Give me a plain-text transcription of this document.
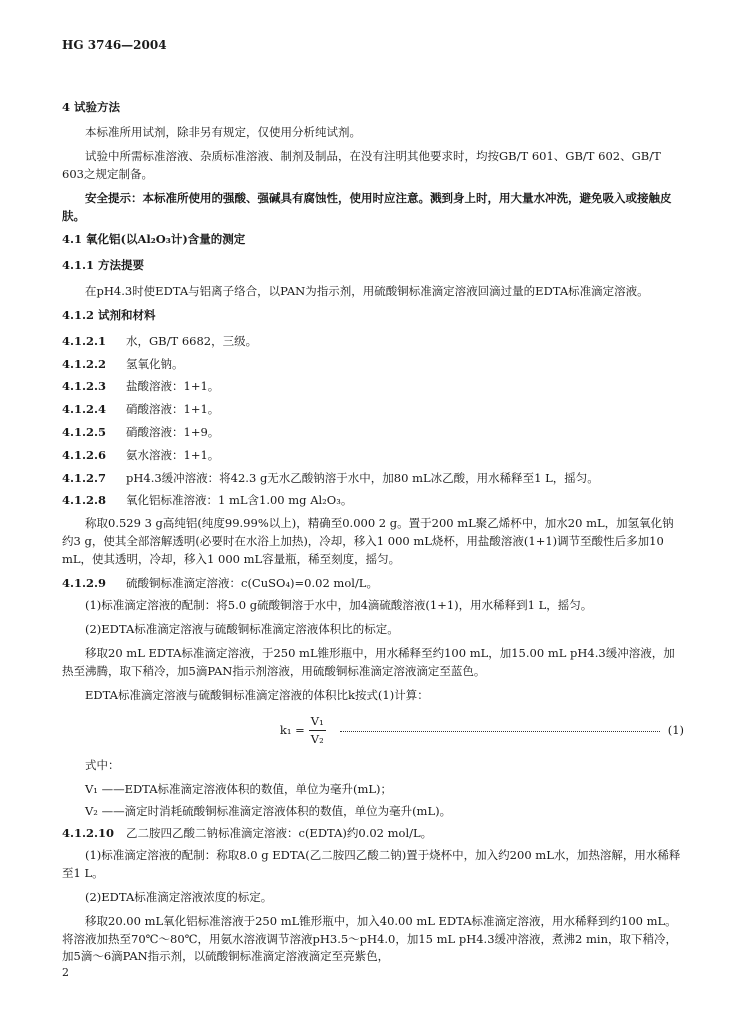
HG 3746—2004
4 试验方法

本标准所用试剂，除非另有规定，仅使用分析纯试剂。

试验中所需标准溶液、杂质标准溶液、制剂及制品，在没有注明其他要求时，均按GB/T 601、GB/T 602、GB/T 603之规定制备。

安全提示：本标准所使用的强酸、强碱具有腐蚀性，使用时应注意。溅到身上时，用大量水冲洗，避免吸入或接触皮肤。

4.1 氧化铝(以Al₂O₃计)含量的测定
4.1.1 方法提要

在pH4.3时使EDTA与铝离子络合，以PAN为指示剂，用硫酸铜标准滴定溶液回滴过量的EDTA标准滴定溶液。

4.1.2 试剂和材料
4.1.2.1 水，GB/T 6682，三级。
4.1.2.2 氢氧化钠。
4.1.2.3 盐酸溶液：1+1。
4.1.2.4 硝酸溶液：1+1。
4.1.2.5 硝酸溶液：1+9。
4.1.2.6 氨水溶液：1+1。
4.1.2.7 pH4.3缓冲溶液：将42.3 g无水乙酸钠溶于水中，加80 mL冰乙酸，用水稀释至1 L，摇匀。
4.1.2.8 氧化铝标准溶液：1 mL含1.00 mg Al₂O₃。

称取0.529 3 g高纯铝(纯度99.99%以上)，精确至0.000 2 g。置于200 mL聚乙烯杯中，加水20 mL，加氢氧化钠约3 g，使其全部溶解透明(必要时在水浴上加热)，冷却，移入1 000 mL烧杯，用盐酸溶液(1+1)调节至酸性后多加10 mL，使其透明，冷却，移入1 000 mL容量瓶，稀至刻度，摇匀。

4.1.2.9 硫酸铜标准滴定溶液：c(CuSO₄)=0.02 mol/L。

(1)标准滴定溶液的配制：将5.0 g硫酸铜溶于水中，加4滴硫酸溶液(1+1)，用水稀释到1 L，摇匀。

(2)EDTA标准滴定溶液与硫酸铜标准滴定溶液体积比的标定。

移取20 mL EDTA标准滴定溶液，于250 mL锥形瓶中，用水稀释至约100 mL，加15.00 mL pH4.3缓冲溶液，加热至沸腾，取下稍冷，加5滴PAN指示剂溶液，用硫酸铜标准滴定溶液滴定至蓝色。

EDTA标准滴定溶液与硫酸铜标准滴定溶液的体积比k按式(1)计算：

$k_1 = \frac{\text{V₁}}{\text{V₂}}$	(1)

式中：

V₁ ——EDTA标准滴定溶液体积的数值，单位为毫升(mL)；

V₂ ——滴定时消耗硫酸铜标准滴定溶液体积的数值，单位为毫升(mL)。

4.1.2.10 乙二胺四乙酸二钠标准滴定溶液：c(EDTA)约0.02 mol/L。

(1)标准滴定溶液的配制：称取8.0 g EDTA(乙二胺四乙酸二钠)置于烧杯中，加入约200 mL水，加热溶解，用水稀释至1 L。

(2)EDTA标准滴定溶液浓度的标定。

移取20.00 mL氧化铝标准溶液于250 mL锥形瓶中，加入40.00 mL EDTA标准滴定溶液，用水稀释到约100 mL。将溶液加热至70℃～80℃，用氨水溶液调节溶液pH3.5～pH4.0，加15 mL pH4.3缓冲溶液，煮沸2 min，取下稍冷，加5滴～6滴PAN指示剂，以硫酸铜标准滴定溶液滴定至亮紫色，

2
